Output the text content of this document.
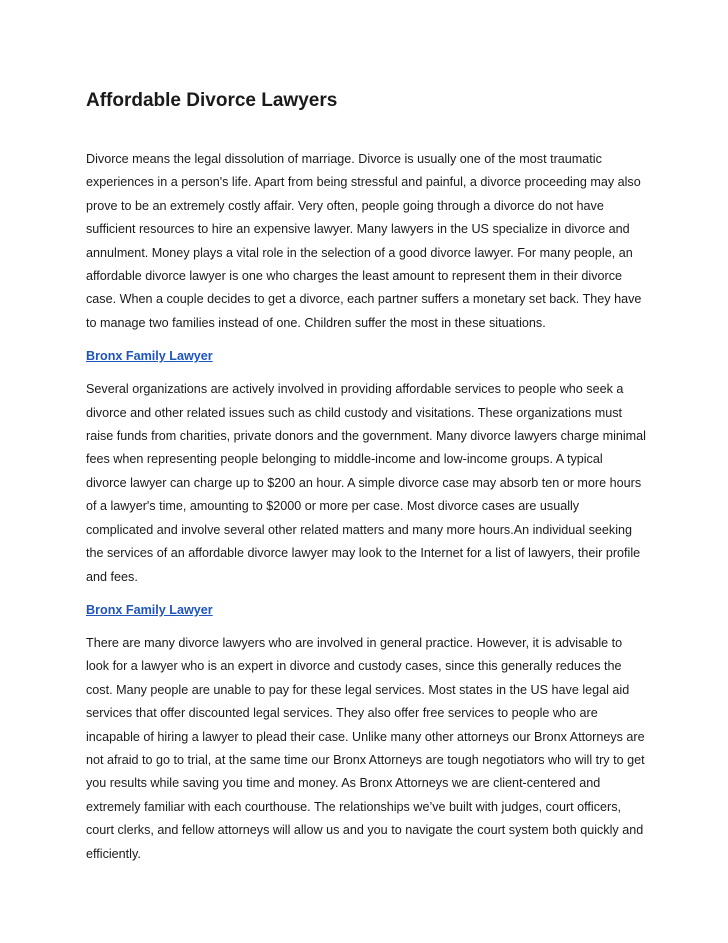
Affordable Divorce Lawyers

Divorce means the legal dissolution of marriage. Divorce is usually one of the most traumatic experiences in a person's life. Apart from being stressful and painful, a divorce proceeding may also prove to be an extremely costly affair. Very often, people going through a divorce do not have sufficient resources to hire an expensive lawyer. Many lawyers in the US specialize in divorce and annulment. Money plays a vital role in the selection of a good divorce lawyer. For many people, an affordable divorce lawyer is one who charges the least amount to represent them in their divorce case. When a couple decides to get a divorce, each partner suffers a monetary set back. They have to manage two families instead of one. Children suffer the most in these situations.

Bronx Family Lawyer

Several organizations are actively involved in providing affordable services to people who seek a divorce and other related issues such as child custody and visitations. These organizations must raise funds from charities, private donors and the government. Many divorce lawyers charge minimal fees when representing people belonging to middle-income and low-income groups. A typical divorce lawyer can charge up to $200 an hour. A simple divorce case may absorb ten or more hours of a lawyer's time, amounting to $2000 or more per case. Most divorce cases are usually complicated and involve several other related matters and many more hours.An individual seeking the services of an affordable divorce lawyer may look to the Internet for a list of lawyers, their profile and fees.

Bronx Family Lawyer

There are many divorce lawyers who are involved in general practice. However, it is advisable to look for a lawyer who is an expert in divorce and custody cases, since this generally reduces the cost. Many people are unable to pay for these legal services. Most states in the US have legal aid services that offer discounted legal services. They also offer free services to people who are incapable of hiring a lawyer to plead their case. Unlike many other attorneys our Bronx Attorneys are not afraid to go to trial, at the same time our Bronx Attorneys are tough negotiators who will try to get you results while saving you time and money. As Bronx Attorneys we are client-centered and extremely familiar with each courthouse. The relationships we’ve built with judges, court officers, court clerks, and fellow attorneys will allow us and you to navigate the court system both quickly and efficiently.
